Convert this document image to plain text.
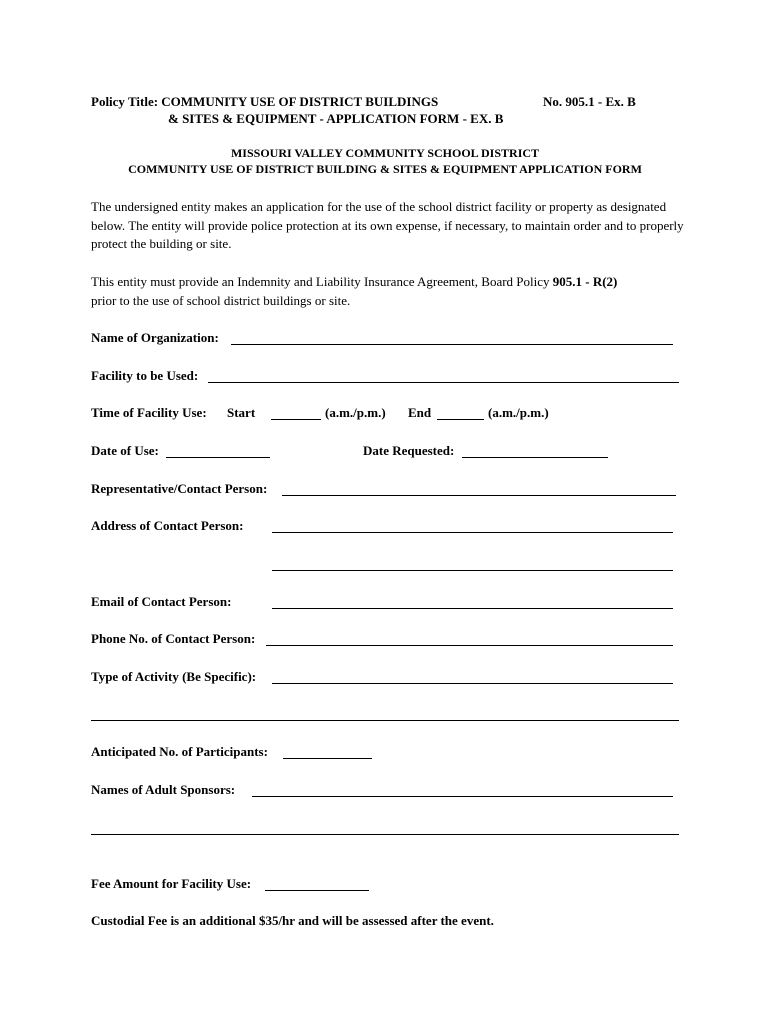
Policy Title: COMMUNITY USE OF DISTRICT BUILDINGS
& SITES & EQUIPMENT - APPLICATION FORM - EX. B
No. 905.1 - Ex. B
MISSOURI VALLEY COMMUNITY SCHOOL DISTRICT
COMMUNITY USE OF DISTRICT BUILDING & SITES & EQUIPMENT APPLICATION FORM
The undersigned entity makes an application for the use of the school district facility or property as designated below. The entity will provide police protection at its own expense, if necessary, to maintain order and to properly protect the building or site.
This entity must provide an Indemnity and Liability Insurance Agreement, Board Policy 905.1 - R(2)
prior to the use of school district buildings or site.
Name of Organization:
Facility to be Used:
Time of Facility Use: Start	(a.m./p.m.) End	(a.m./p.m.)
Date of Use:	Date Requested:
Representative/Contact Person:
Address of Contact Person:
Email of Contact Person:
Phone No. of Contact Person:
Type of Activity (Be Specific):
Anticipated No. of Participants:
Names of Adult Sponsors:
Fee Amount for Facility Use:
Custodial Fee is an additional $35/hr and will be assessed after the event.
